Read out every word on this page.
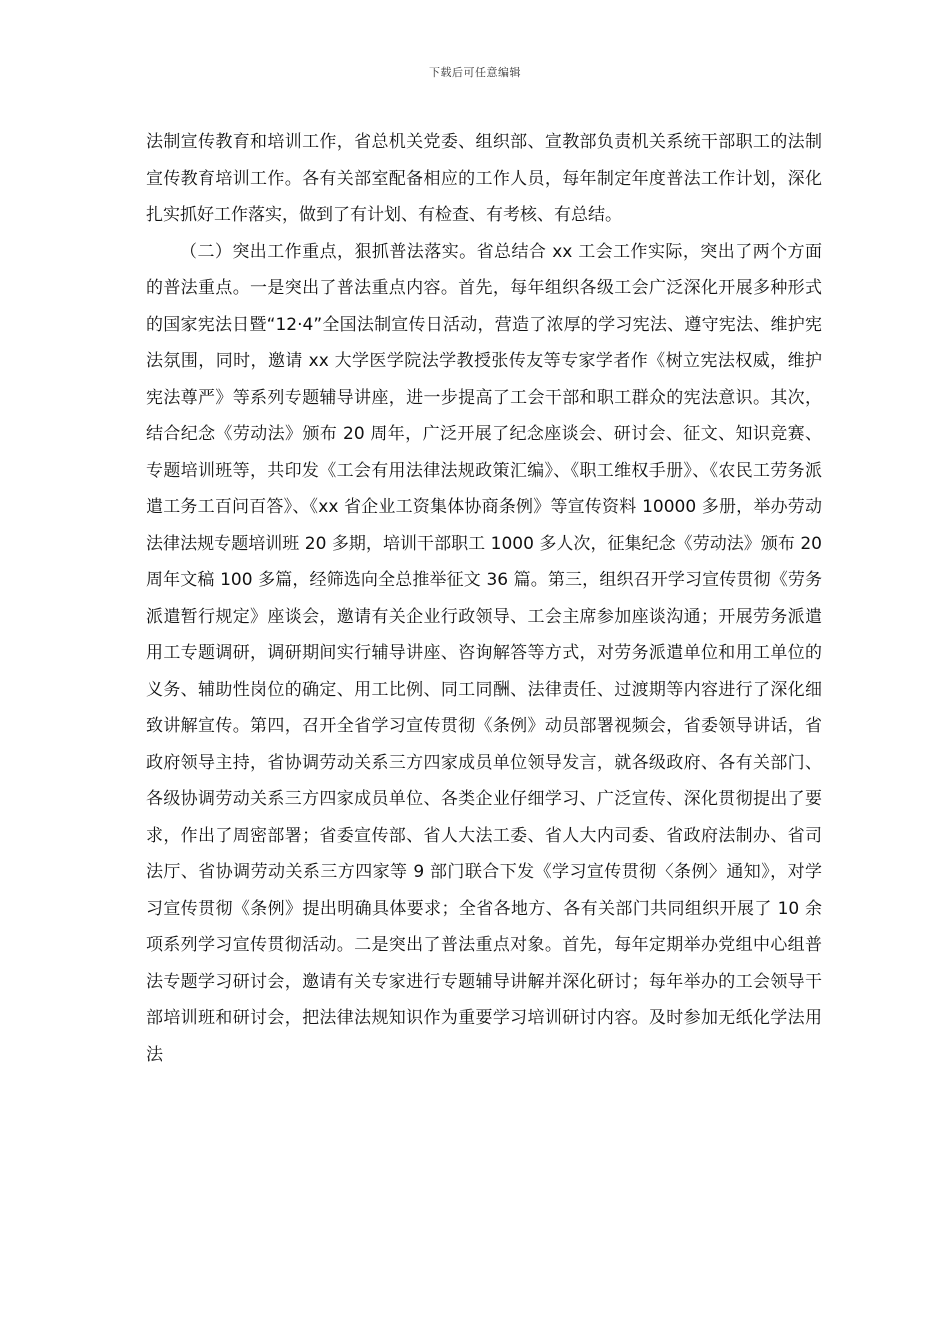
下载后可任意编辑

法制宣传教育和培训工作，省总机关党委、组织部、宣教部负责机关系统干部职工的法制宣传教育培训工作。各有关部室配备相应的工作人员，每年制定年度普法工作计划，深化扎实抓好工作落实，做到了有计划、有检查、有考核、有总结。

（二）突出工作重点，狠抓普法落实。省总结合 xx 工会工作实际，突出了两个方面的普法重点。一是突出了普法重点内容。首先，每年组织各级工会广泛深化开展多种形式的国家宪法日暨“12·4”全国法制宣传日活动，营造了浓厚的学习宪法、遵守宪法、维护宪法氛围，同时，邀请 xx 大学医学院法学教授张传友等专家学者作《树立宪法权威，维护宪法尊严》等系列专题辅导讲座，进一步提高了工会干部和职工群众的宪法意识。其次，结合纪念《劳动法》颁布 20 周年，广泛开展了纪念座谈会、研讨会、征文、知识竞赛、专题培训班等，共印发《工会有用法律法规政策汇编》、《职工维权手册》、《农民工劳务派遣工务工百问百答》、《xx 省企业工资集体协商条例》等宣传资料 10000 多册，举办劳动法律法规专题培训班 20 多期，培训干部职工 1000 多人次，征集纪念《劳动法》颁布 20 周年文稿 100 多篇，经筛选向全总推举征文 36 篇。第三，组织召开学习宣传贯彻《劳务派遣暂行规定》座谈会，邀请有关企业行政领导、工会主席参加座谈沟通；开展劳务派遣用工专题调研，调研期间实行辅导讲座、咨询解答等方式，对劳务派遣单位和用工单位的义务、辅助性岗位的确定、用工比例、同工同酬、法律责任、过渡期等内容进行了深化细致讲解宣传。第四，召开全省学习宣传贯彻《条例》动员部署视频会，省委领导讲话，省政府领导主持，省协调劳动关系三方四家成员单位领导发言，就各级政府、各有关部门、各级协调劳动关系三方四家成员单位、各类企业仔细学习、广泛宣传、深化贯彻提出了要求，作出了周密部署；省委宣传部、省人大法工委、省人大内司委、省政府法制办、省司法厅、省协调劳动关系三方四家等 9 部门联合下发《学习宣传贯彻〈条例〉通知》，对学习宣传贯彻《条例》提出明确具体要求；全省各地方、各有关部门共同组织开展了 10 余项系列学习宣传贯彻活动。二是突出了普法重点对象。首先，每年定期举办党组中心组普法专题学习研讨会，邀请有关专家进行专题辅导讲解并深化研讨；每年举办的工会领导干部培训班和研讨会，把法律法规知识作为重要学习培训研讨内容。及时参加无纸化学法用法
